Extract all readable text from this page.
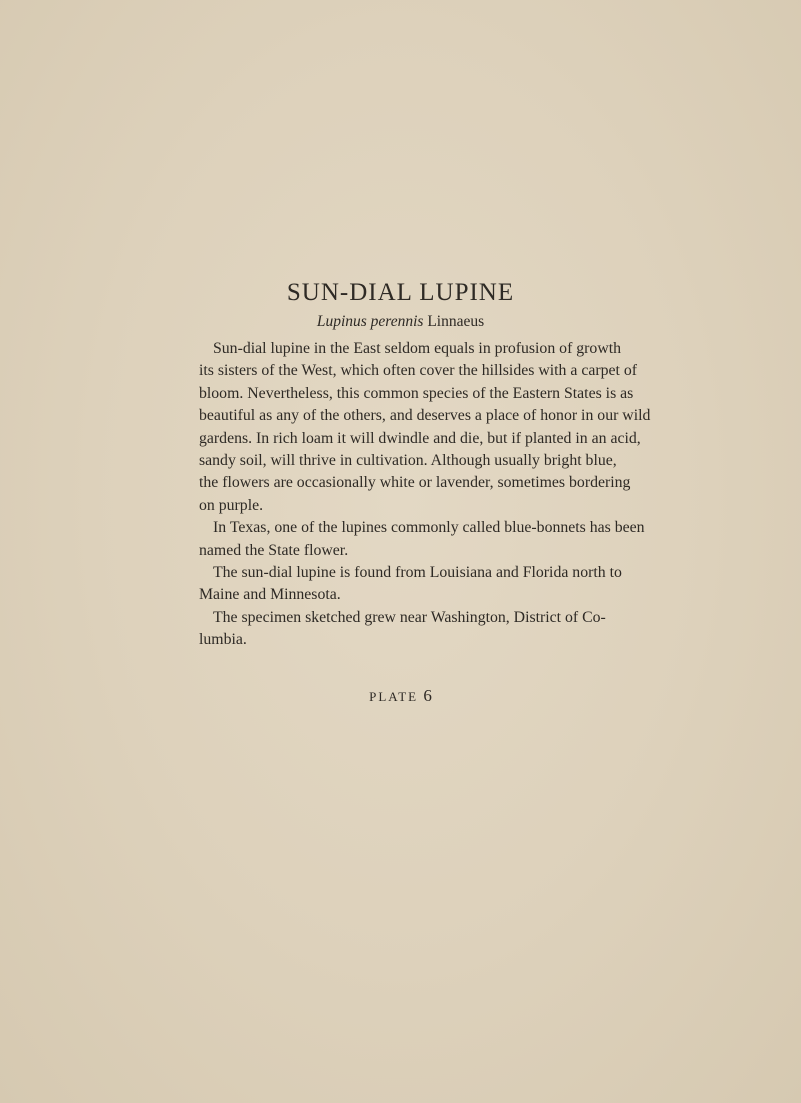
SUN-DIAL LUPINE
Lupinus perennis Linnaeus

Sun-dial lupine in the East seldom equals in profusion of growth
its sisters of the West, which often cover the hillsides with a carpet of
bloom. Nevertheless, this common species of the Eastern States is as
beautiful as any of the others, and deserves a place of honor in our wild
gardens. In rich loam it will dwindle and die, but if planted in an acid,
sandy soil, will thrive in cultivation. Although usually bright blue,
the flowers are occasionally white or lavender, sometimes bordering
on purple.

In Texas, one of the lupines commonly called blue-bonnets has been
named the State flower.

The sun-dial lupine is found from Louisiana and Florida north to
Maine and Minnesota.

The specimen sketched grew near Washington, District of Co-
lumbia.

PLATE 6
